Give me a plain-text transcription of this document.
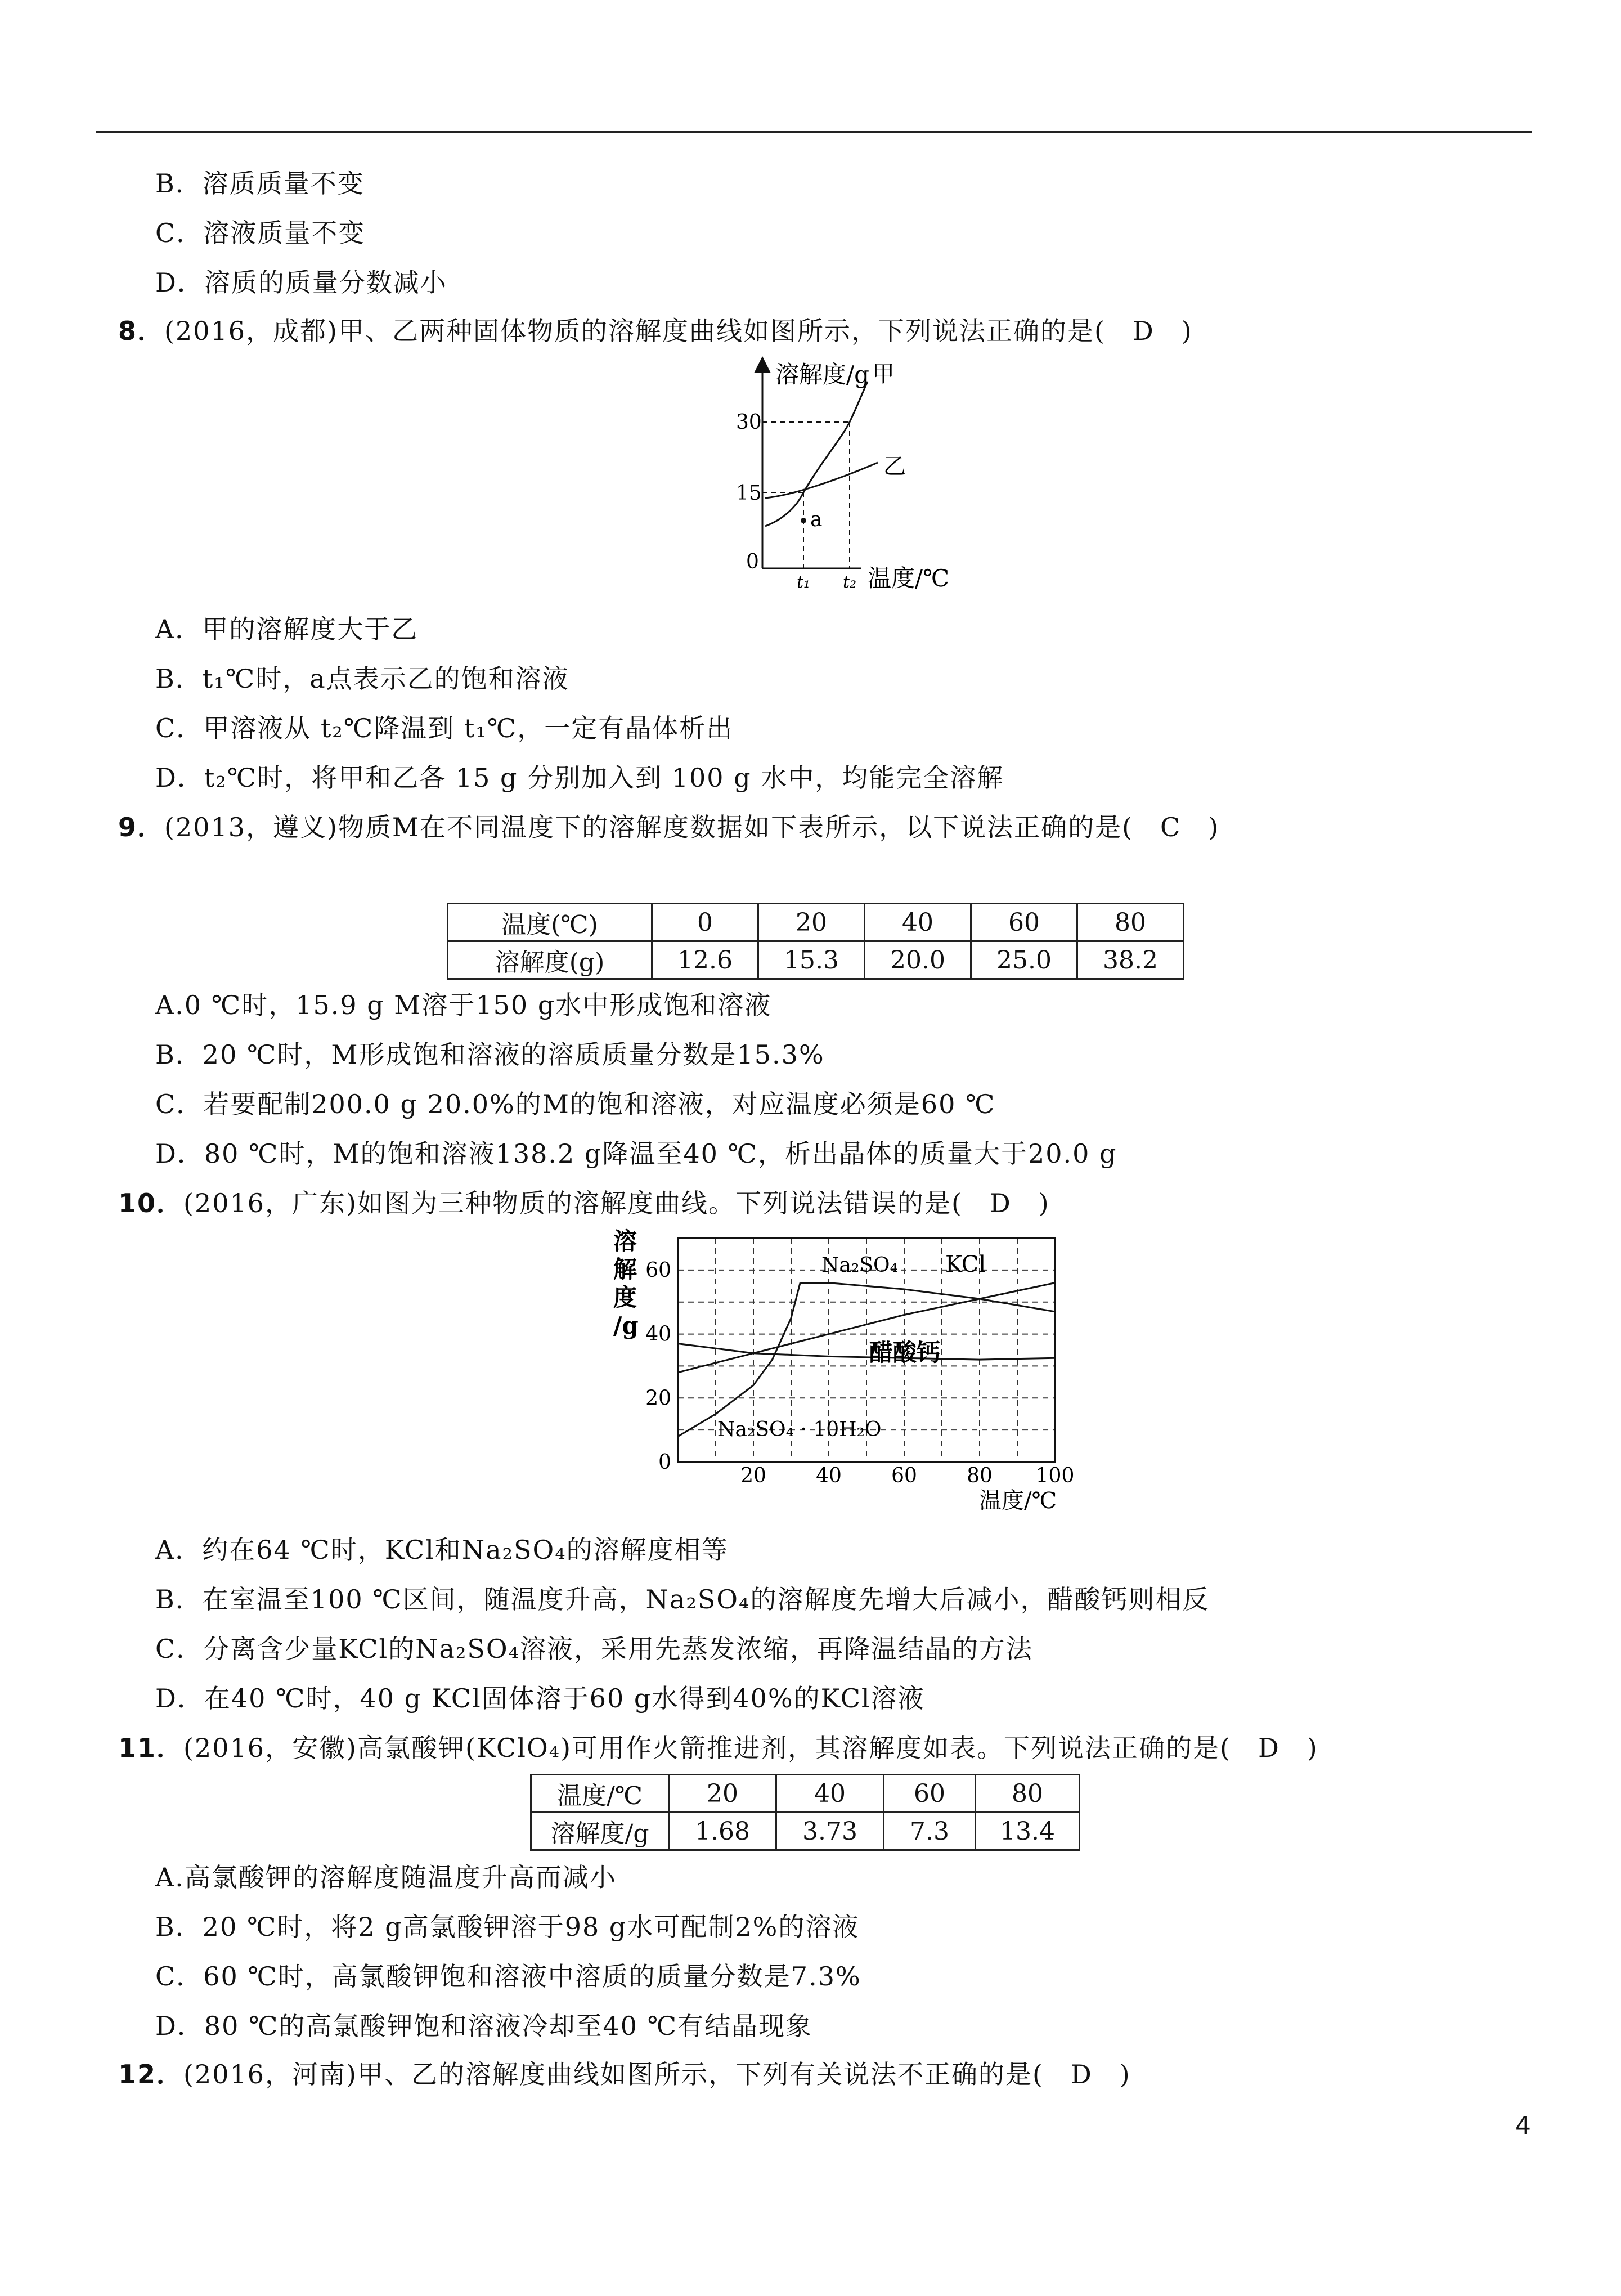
B．溶质质量不变
C．溶液质量不变
D．溶质的质量分数减小
8．(2016，成都)甲、乙两种固体物质的溶解度曲线如图所示，下列说法正确的是(　D　)
溶解度/g
温度/℃
30
15
0
甲
乙
a
t₁ t₂
A．甲的溶解度大于乙
B．t₁℃时，a点表示乙的饱和溶液
C．甲溶液从 t₂℃降温到 t₁℃，一定有晶体析出
D．t₂℃时，将甲和乙各 15 g 分别加入到 100 g 水中，均能完全溶解
9．(2013，遵义)物质M在不同温度下的溶解度数据如下表所示，以下说法正确的是(　C　)
温度(℃)	0	20	40	60	80
溶解度(g)	12.6	15.3	20.0	25.0	38.2
A.0 ℃时，15.9 g M溶于150 g水中形成饱和溶液
B．20 ℃时，M形成饱和溶液的溶质质量分数是15.3%
C．若要配制200.0 g 20.0%的M的饱和溶液，对应温度必须是60 ℃
D．80 ℃时，M的饱和溶液138.2 g降温至40 ℃，析出晶体的质量大于20.0 g
10．(2016，广东)如图为三种物质的溶解度曲线。下列说法错误的是(　D　)
20 40 60 80 100
0
20
40
60
溶
解
度
/g
温度/℃
Na₂SO₄ KCl
醋酸钙
Na₂SO₄ · 10H₂O
A．约在64 ℃时，KCl和Na₂SO₄的溶解度相等
B．在室温至100 ℃区间，随温度升高，Na₂SO₄的溶解度先增大后减小，醋酸钙则相反
C．分离含少量KCl的Na₂SO₄溶液，采用先蒸发浓缩，再降温结晶的方法
D．在40 ℃时，40 g KCl固体溶于60 g水得到40%的KCl溶液
11．(2016，安徽)高氯酸钾(KClO₄)可用作火箭推进剂，其溶解度如表。下列说法正确的是(　D　)
温度/℃	20	40	60	80
溶解度/g	1.68	3.73	7.3	13.4
A.高氯酸钾的溶解度随温度升高而减小
B．20 ℃时，将2 g高氯酸钾溶于98 g水可配制2%的溶液
C．60 ℃时，高氯酸钾饱和溶液中溶质的质量分数是7.3%
D．80 ℃的高氯酸钾饱和溶液冷却至40 ℃有结晶现象
12．(2016，河南)甲、乙的溶解度曲线如图所示，下列有关说法不正确的是(　D　)
4
